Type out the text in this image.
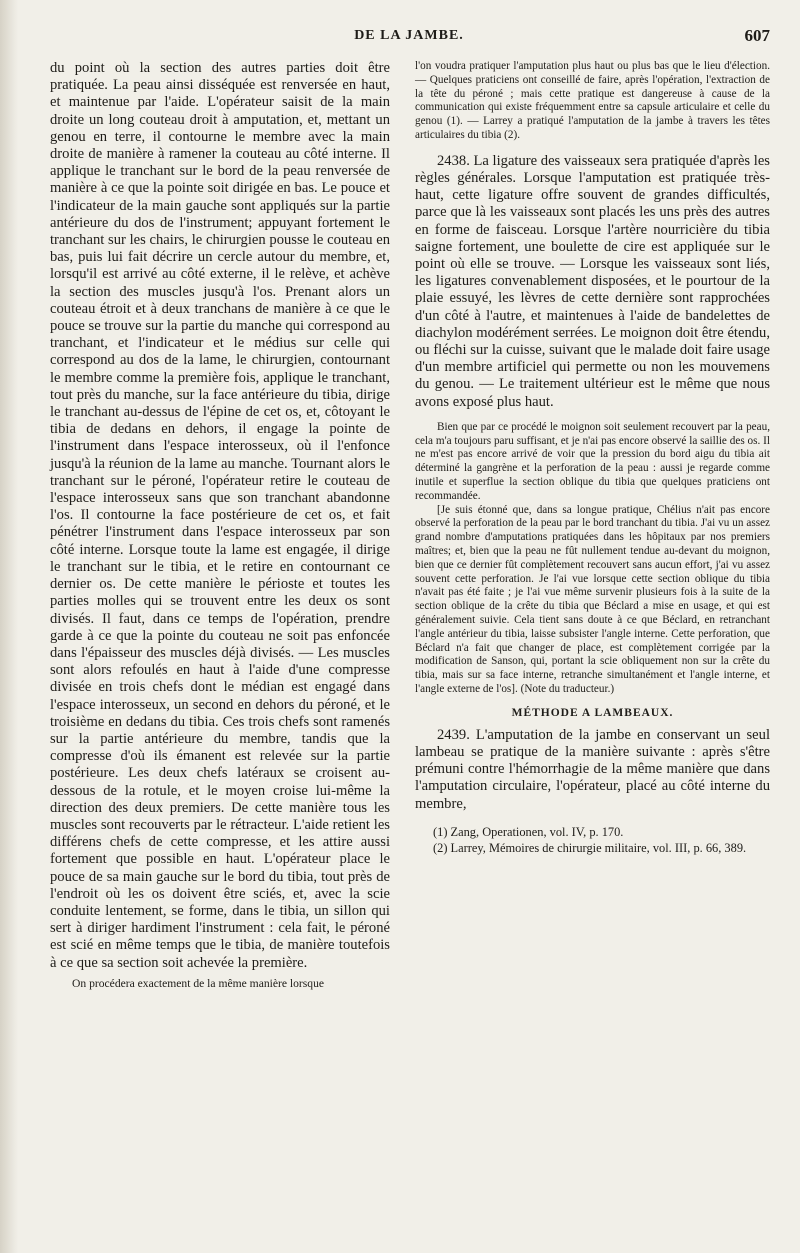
DE LA JAMBE.	607

du point où la section des autres parties doit être pratiquée. La peau ainsi disséquée est renversée en haut, et maintenue par l'aide. L'opérateur saisit de la main droite un long couteau droit à amputation, et, mettant un genou en terre, il contourne le membre avec la main droite de manière à ramener la couteau au côté interne. Il applique le tranchant sur le bord de la peau renversée de manière à ce que la pointe soit dirigée en bas. Le pouce et l'indicateur de la main gauche sont appliqués sur la partie antérieure du dos de l'instrument; appuyant fortement le tranchant sur les chairs, le chirurgien pousse le couteau en bas, puis lui fait décrire un cercle autour du membre, et, lorsqu'il est arrivé au côté externe, il le relève, et achève la section des muscles jusqu'à l'os. Prenant alors un couteau étroit et à deux tranchans de manière à ce que le pouce se trouve sur la partie du manche qui correspond au tranchant, et l'indicateur et le médius sur celle qui correspond au dos de la lame, le chirurgien, contournant le membre comme la première fois, applique le tranchant, tout près du manche, sur la face antérieure du tibia, dirige le tranchant au-dessus de l'épine de cet os, et, côtoyant le tibia de dedans en dehors, il engage la pointe de l'instrument dans l'espace interosseux, où il l'enfonce jusqu'à la réunion de la lame au manche. Tournant alors le tranchant sur le péroné, l'opérateur retire le couteau de l'espace interosseux sans que son tranchant abandonne l'os. Il contourne la face postérieure de cet os, et fait pénétrer l'instrument dans l'espace interosseux par son côté interne. Lorsque toute la lame est engagée, il dirige le tranchant sur le tibia, et le retire en contournant ce dernier os. De cette manière le périoste et toutes les parties molles qui se trouvent entre les deux os sont divisés. Il faut, dans ce temps de l'opération, prendre garde à ce que la pointe du couteau ne soit pas enfoncée dans l'épaisseur des muscles déjà divisés. — Les muscles sont alors refoulés en haut à l'aide d'une compresse divisée en trois chefs dont le médian est engagé dans l'espace interosseux, un second en dehors du péroné, et le troisième en dedans du tibia. Ces trois chefs sont ramenés sur la partie antérieure du membre, tandis que la compresse d'où ils émanent est relevée sur la partie postérieure. Les deux chefs latéraux se croisent au-dessous de la rotule, et le moyen croise lui-même la direction des deux premiers. De cette manière tous les muscles sont recouverts par le rétracteur. L'aide retient les différens chefs de cette compresse, et les attire aussi fortement que possible en haut. L'opérateur place le pouce de sa main gauche sur le bord du tibia, tout près de l'endroit où les os doivent être sciés, et, avec la scie conduite lentement, se forme, dans le tibia, un sillon qui sert à diriger hardiment l'instrument : cela fait, le péroné est scié en même temps que le tibia, de manière toutefois à ce que sa section soit achevée la première.

On procédera exactement de la même manière lorsque

l'on voudra pratiquer l'amputation plus haut ou plus bas que le lieu d'élection. — Quelques praticiens ont conseillé de faire, après l'opération, l'extraction de la tête du péroné ; mais cette pratique est dangereuse à cause de la communication qui existe fréquemment entre sa capsule articulaire et celle du genou (1). — Larrey a pratiqué l'amputation de la jambe à travers les têtes articulaires du tibia (2).

2438. La ligature des vaisseaux sera pratiquée d'après les règles générales. Lorsque l'amputation est pratiquée très-haut, cette ligature offre souvent de grandes difficultés, parce que là les vaisseaux sont placés les uns près des autres en forme de faisceau. Lorsque l'artère nourricière du tibia saigne fortement, une boulette de cire est appliquée sur le point où elle se trouve. — Lorsque les vaisseaux sont liés, les ligatures convenablement disposées, et le pourtour de la plaie essuyé, les lèvres de cette dernière sont rapprochées d'un côté à l'autre, et maintenues à l'aide de bandelettes de diachylon modérément serrées. Le moignon doit être étendu, ou fléchi sur la cuisse, suivant que le malade doit faire usage d'un membre artificiel qui permette ou non les mouvemens du genou. — Le traitement ultérieur est le même que nous avons exposé plus haut.

Bien que par ce procédé le moignon soit seulement recouvert par la peau, cela m'a toujours paru suffisant, et je n'ai pas encore observé la saillie des os. Il ne m'est pas encore arrivé de voir que la pression du bord aigu du tibia ait déterminé la gangrène et la perforation de la peau : aussi je regarde comme inutile et superflue la section oblique du tibia que quelques praticiens ont recommandée.

[Je suis étonné que, dans sa longue pratique, Chélius n'ait pas encore observé la perforation de la peau par le bord tranchant du tibia. J'ai vu un assez grand nombre d'amputations pratiquées dans les hôpitaux par nos premiers maîtres; et, bien que la peau ne fût nullement tendue au-devant du moignon, bien que ce dernier fût complètement recouvert sans aucun effort, j'ai vu assez souvent cette perforation. Je l'ai vue lorsque cette section oblique du tibia n'avait pas été faite ; je l'ai vue même survenir plusieurs fois à la suite de la section oblique de la crête du tibia que Béclard a mise en usage, et qui est généralement suivie. Cela tient sans doute à ce que Béclard, en retranchant l'angle antérieur du tibia, laisse subsister l'angle interne. Cette perforation, que Béclard n'a fait que changer de place, est complètement corrigée par la modification de Sanson, qui, portant la scie obliquement non sur la crête du tibia, mais sur sa face interne, retranche simultanément et l'angle interne, et l'angle externe de l'os]. (Note du traducteur.)

MÉTHODE A LAMBEAUX.

2439. L'amputation de la jambe en conservant un seul lambeau se pratique de la manière suivante : après s'être prémuni contre l'hémorrhagie de la même manière que dans l'amputation circulaire, l'opérateur, placé au côté interne du membre,

(1) Zang, Operationen, vol. IV, p. 170.
(2) Larrey, Mémoires de chirurgie militaire, vol. III, p. 66, 389.
